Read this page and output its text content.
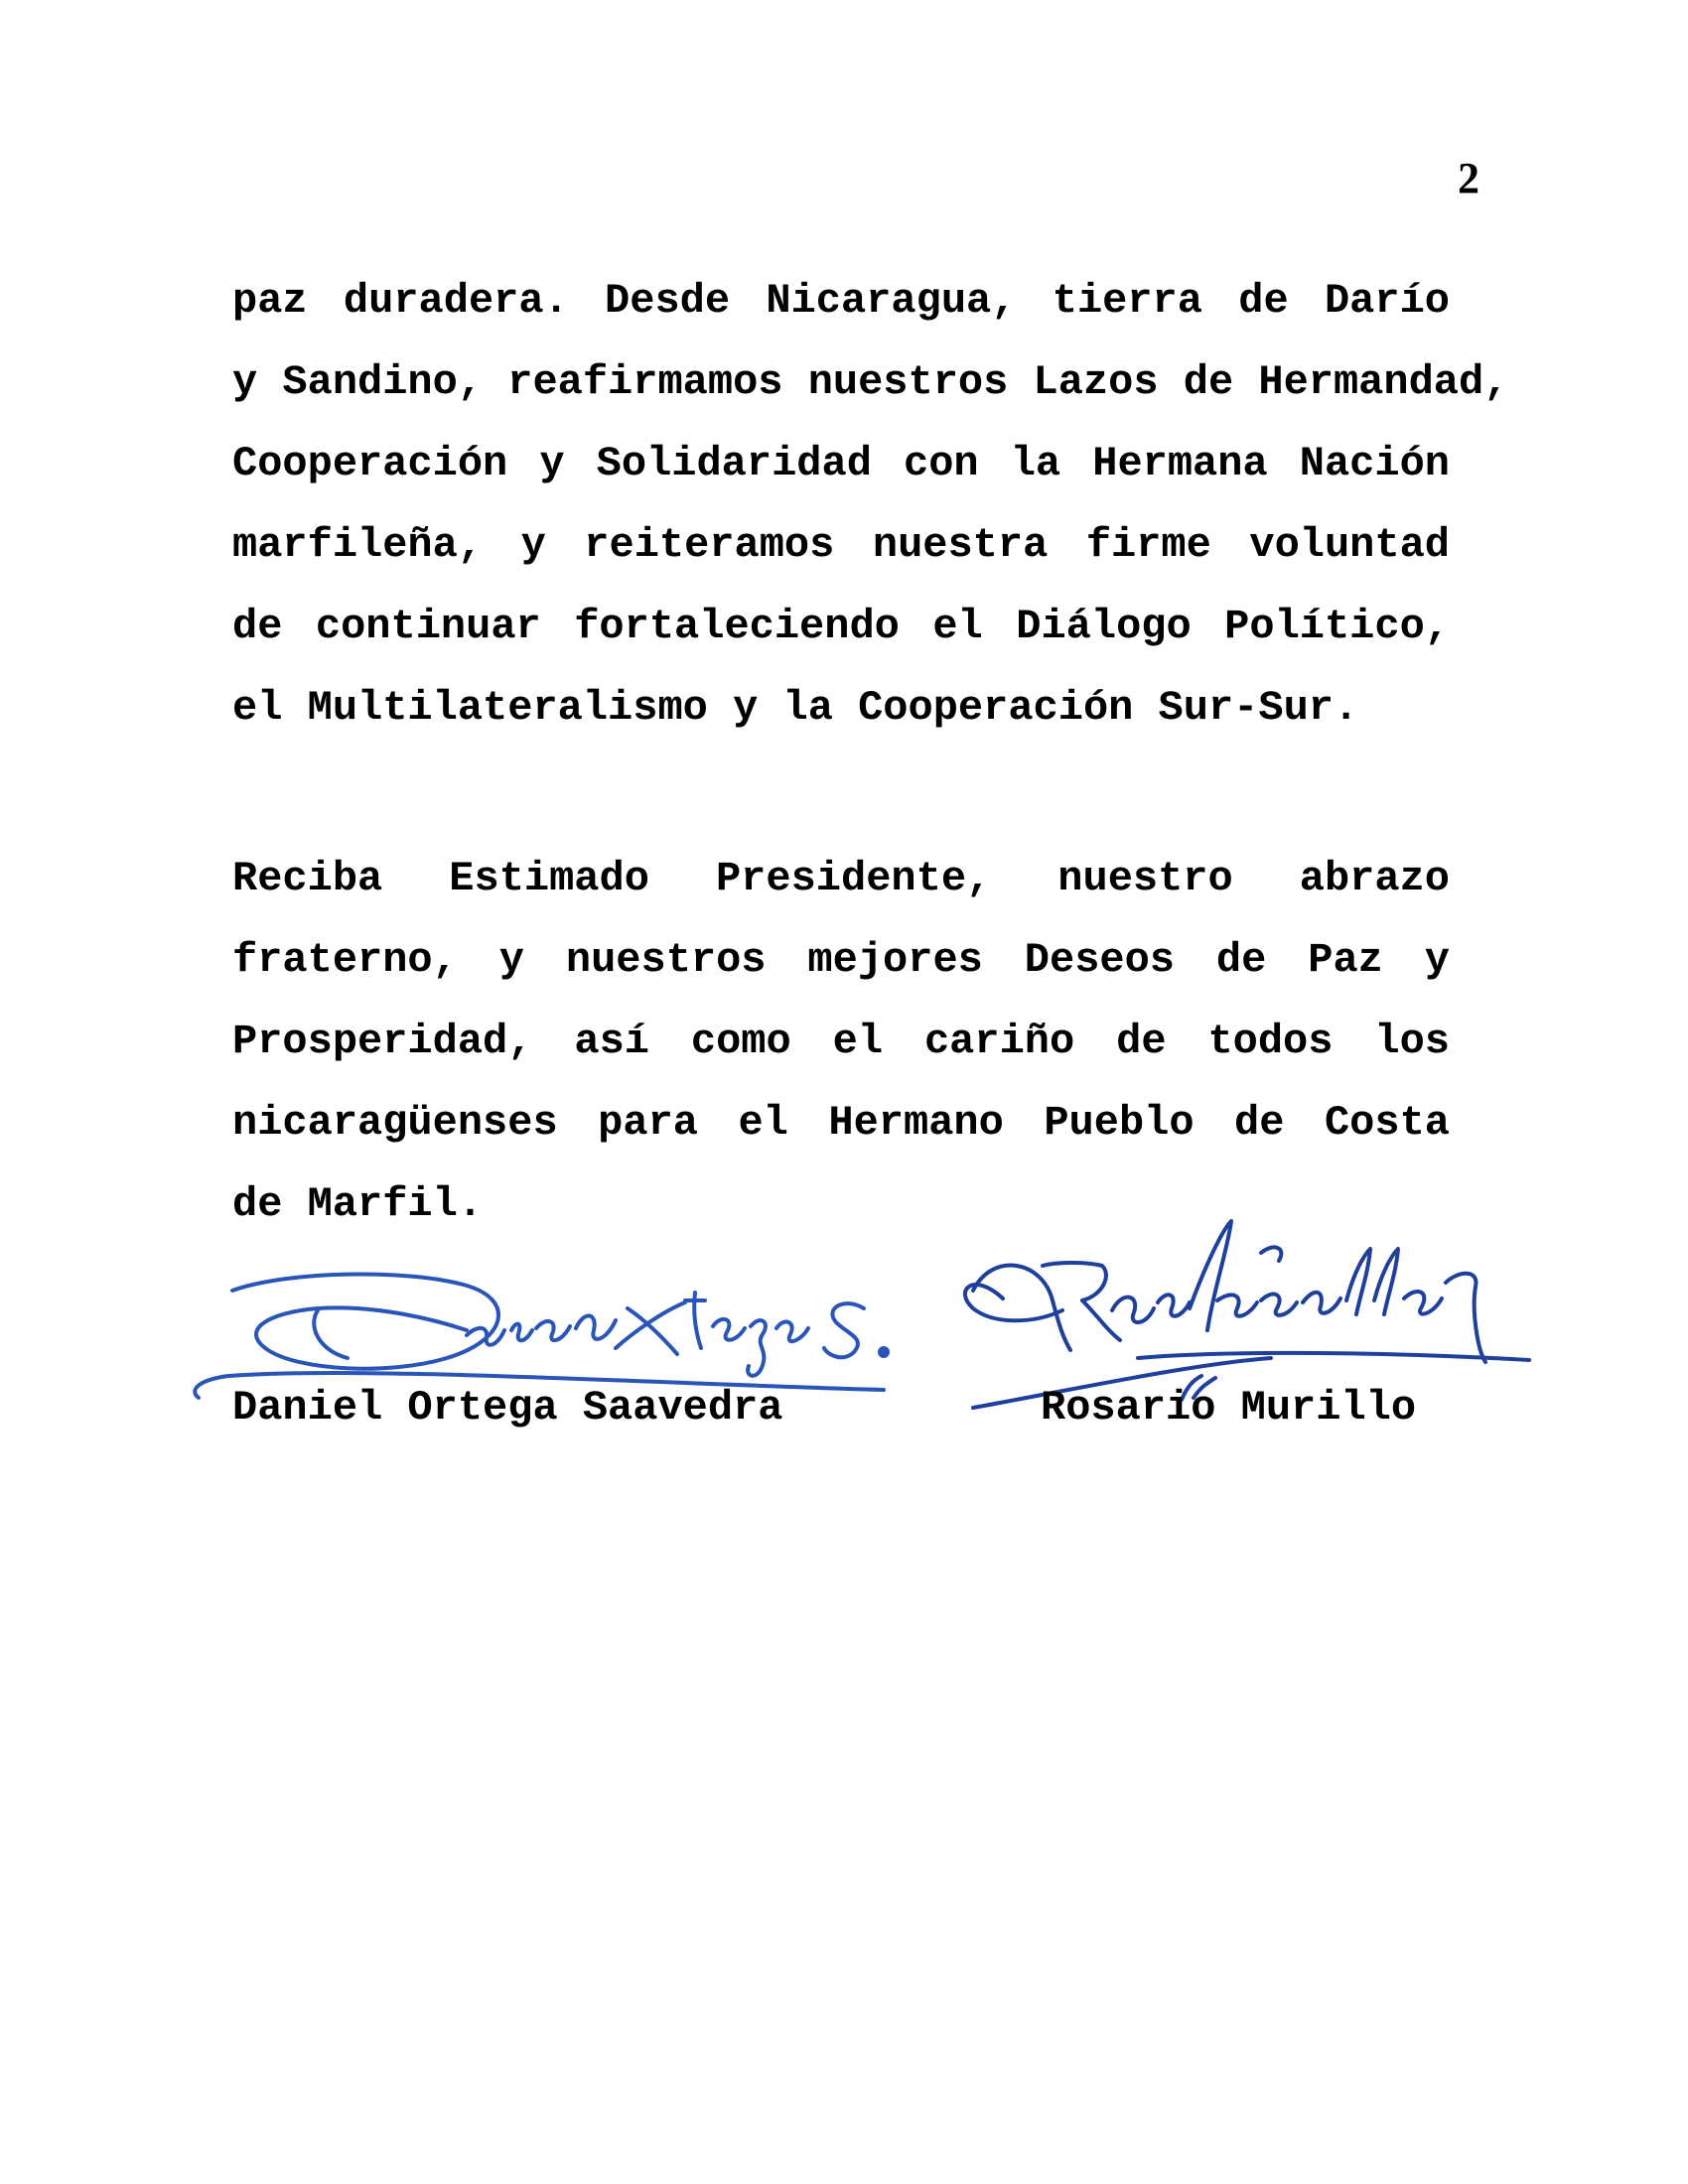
2
paz duradera. Desde Nicaragua, tierra de Darío
y Sandino, reafirmamos nuestros Lazos de Hermandad,
Cooperación y Solidaridad con la Hermana Nación
marfileña, y reiteramos nuestra firme voluntad
de continuar fortaleciendo el Diálogo Político,
el Multilateralismo y la Cooperación Sur-Sur.
Reciba Estimado Presidente, nuestro abrazo
fraterno, y nuestros mejores Deseos de Paz y
Prosperidad, así como el cariño de todos los
nicaragüenses para el Hermano Pueblo de Costa
de Marfil.
Daniel Ortega Saavedra	Rosario Murillo
